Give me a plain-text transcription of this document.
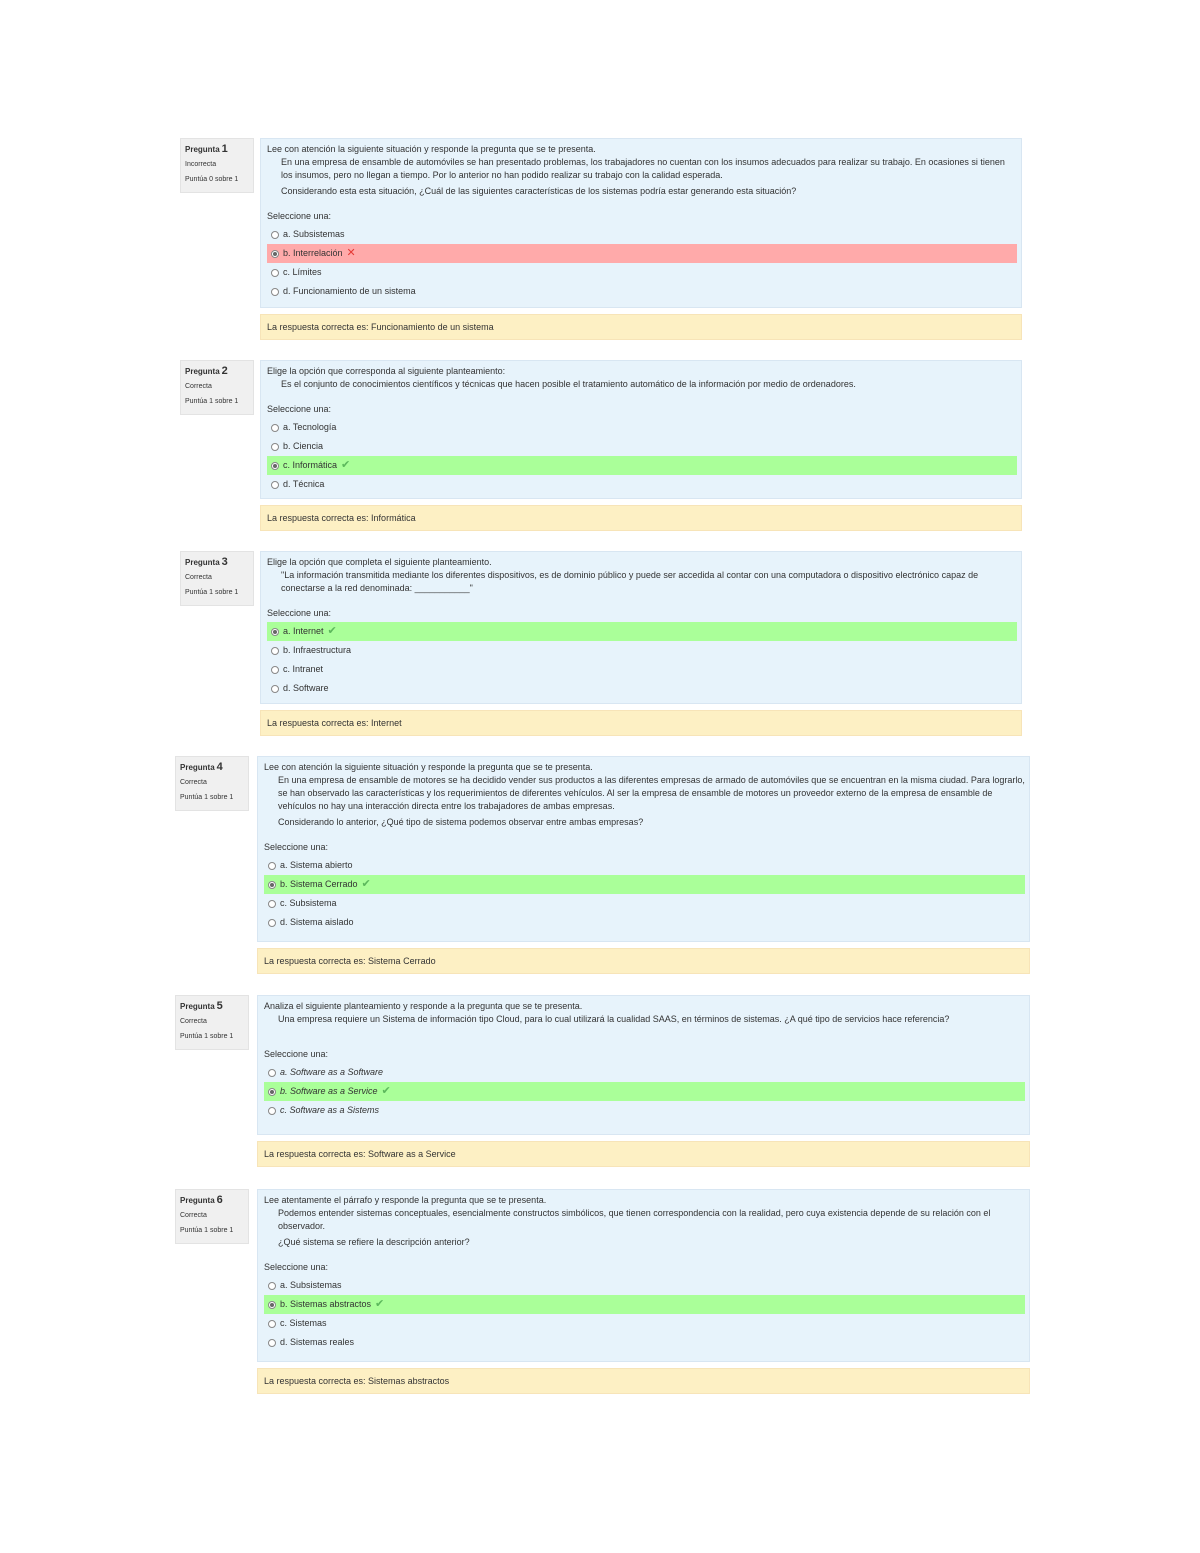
Pregunta 1
Incorrecta
Puntúa 0 sobre 1

Lee con atención la siguiente situación y responde la pregunta que se te presenta.

En una empresa de ensamble de automóviles se han presentado problemas, los trabajadores no cuentan con los insumos adecuados para realizar su trabajo. En ocasiones si tienen los insumos, pero no llegan a tiempo. Por lo anterior no han podido realizar su trabajo con la calidad esperada.

Considerando esta esta situación, ¿Cuál de las siguientes características de los sistemas podría estar generando esta situación?

Seleccione una:
a. Subsistemas
b. Interrelación ✕
c. Límites
d. Funcionamiento de un sistema
La respuesta correcta es: Funcionamiento de un sistema
Pregunta 2
Correcta
Puntúa 1 sobre 1

Elige la opción que corresponda al siguiente planteamiento:

Es el conjunto de conocimientos científicos y técnicas que hacen posible el tratamiento automático de la información por medio de ordenadores.

Seleccione una:
a. Tecnología
b. Ciencia
c. Informática ✔
d. Técnica
La respuesta correcta es: Informática
Pregunta 3
Correcta
Puntúa 1 sobre 1

Elige la opción que completa el siguiente planteamiento.

"La información transmitida mediante los diferentes dispositivos, es de dominio público y puede ser accedida al contar con una computadora o dispositivo electrónico capaz de conectarse a la red denominada: ___________"

Seleccione una:
a. Internet ✔
b. Infraestructura
c. Intranet
d. Software
La respuesta correcta es: Internet
Pregunta 4
Correcta
Puntúa 1 sobre 1

Lee con atención la siguiente situación y responde la pregunta que se te presenta.

En una empresa de ensamble de motores se ha decidido vender sus productos a las diferentes empresas de armado de automóviles que se encuentran en la misma ciudad. Para lograrlo, se han observado las características y los requerimientos de diferentes vehículos. Al ser la empresa de ensamble de motores un proveedor externo de la empresa de ensamble de vehículos no hay una interacción directa entre los trabajadores de ambas empresas.

Considerando lo anterior, ¿Qué tipo de sistema podemos observar entre ambas empresas?

Seleccione una:
a. Sistema abierto
b. Sistema Cerrado ✔
c. Subsistema
d. Sistema aislado
La respuesta correcta es: Sistema Cerrado
Pregunta 5
Correcta
Puntúa 1 sobre 1

Analiza el siguiente planteamiento y responde a la pregunta que se te presenta.

Una empresa requiere un Sistema de información tipo Cloud, para lo cual utilizará la cualidad SAAS, en términos de sistemas. ¿A qué tipo de servicios hace referencia?

Seleccione una:
a. Software as a Software
b. Software as a Service ✔
c. Software as a Sistems
La respuesta correcta es: Software as a Service
Pregunta 6
Correcta
Puntúa 1 sobre 1

Lee atentamente el párrafo y responde la pregunta que se te presenta.

Podemos entender sistemas conceptuales, esencialmente constructos simbólicos, que tienen correspondencia con la realidad, pero cuya existencia depende de su relación con el observador.

¿Qué sistema se refiere la descripción anterior?

Seleccione una:
a. Subsistemas
b. Sistemas abstractos ✔
c. Sistemas
d. Sistemas reales
La respuesta correcta es: Sistemas abstractos
